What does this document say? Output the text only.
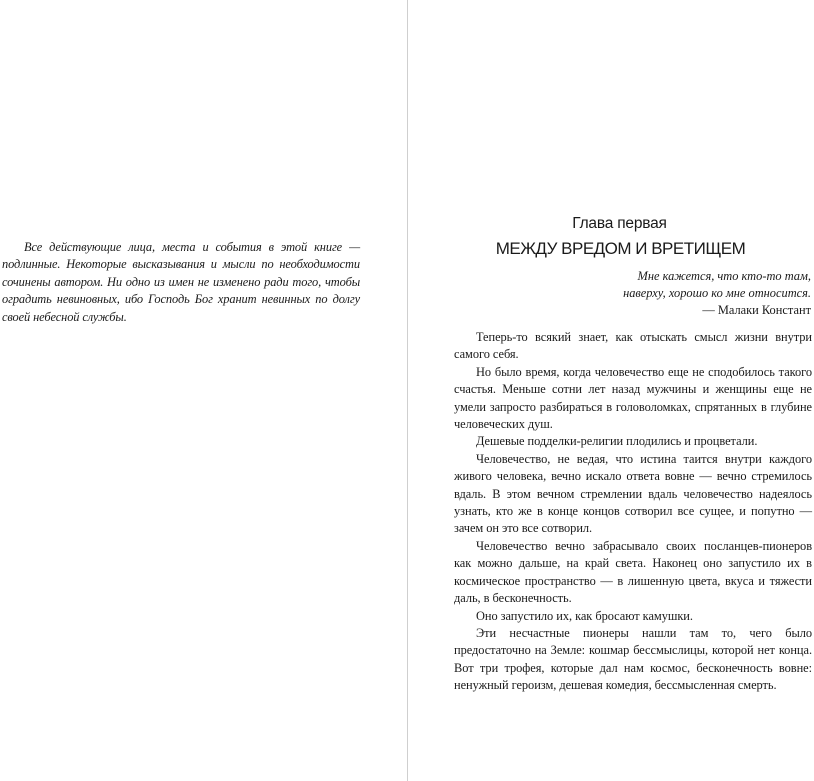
Все действующие лица, места и события в этой книге — подлинные. Некоторые высказывания и мысли по необходимости сочинены автором. Ни одно из имен не изменено ради того, чтобы оградить невиновных, ибо Господь Бог хранит невинных по долгу своей небесной службы.

Глава первая
МЕЖДУ ВРЕДОМ И ВРЕТИЩЕМ
Мне кажется, что кто-то там,
наверху, хорошо ко мне относится.
— Малаки Констант

Теперь-то всякий знает, как отыскать смысл жизни внутри самого себя.

Но было время, когда человечество еще не сподобилось такого счастья. Меньше сотни лет назад мужчины и женщины еще не умели запросто разбираться в головоломках, спрятанных в глубине человеческих душ.

Дешевые подделки-религии плодились и процветали.

Человечество, не ведая, что истина таится внутри каждого живого человека, вечно искало ответа вовне — вечно стремилось вдаль. В этом вечном стремлении вдаль человечество надеялось узнать, кто же в конце концов сотворил все сущее, и попутно — зачем он это все сотворил.

Человечество вечно забрасывало своих посланцев-пионеров как можно дальше, на край света. Наконец оно запустило их в космическое пространство — в лишенную цвета, вкуса и тяжести даль, в бесконечность.

Оно запустило их, как бросают камушки.

Эти несчастные пионеры нашли там то, чего было предостаточно на Земле: кошмар бессмыслицы, которой нет конца. Вот три трофея, которые дал нам космос, бесконечность вовне: ненужный героизм, дешевая комедия, бессмысленная смерть.
